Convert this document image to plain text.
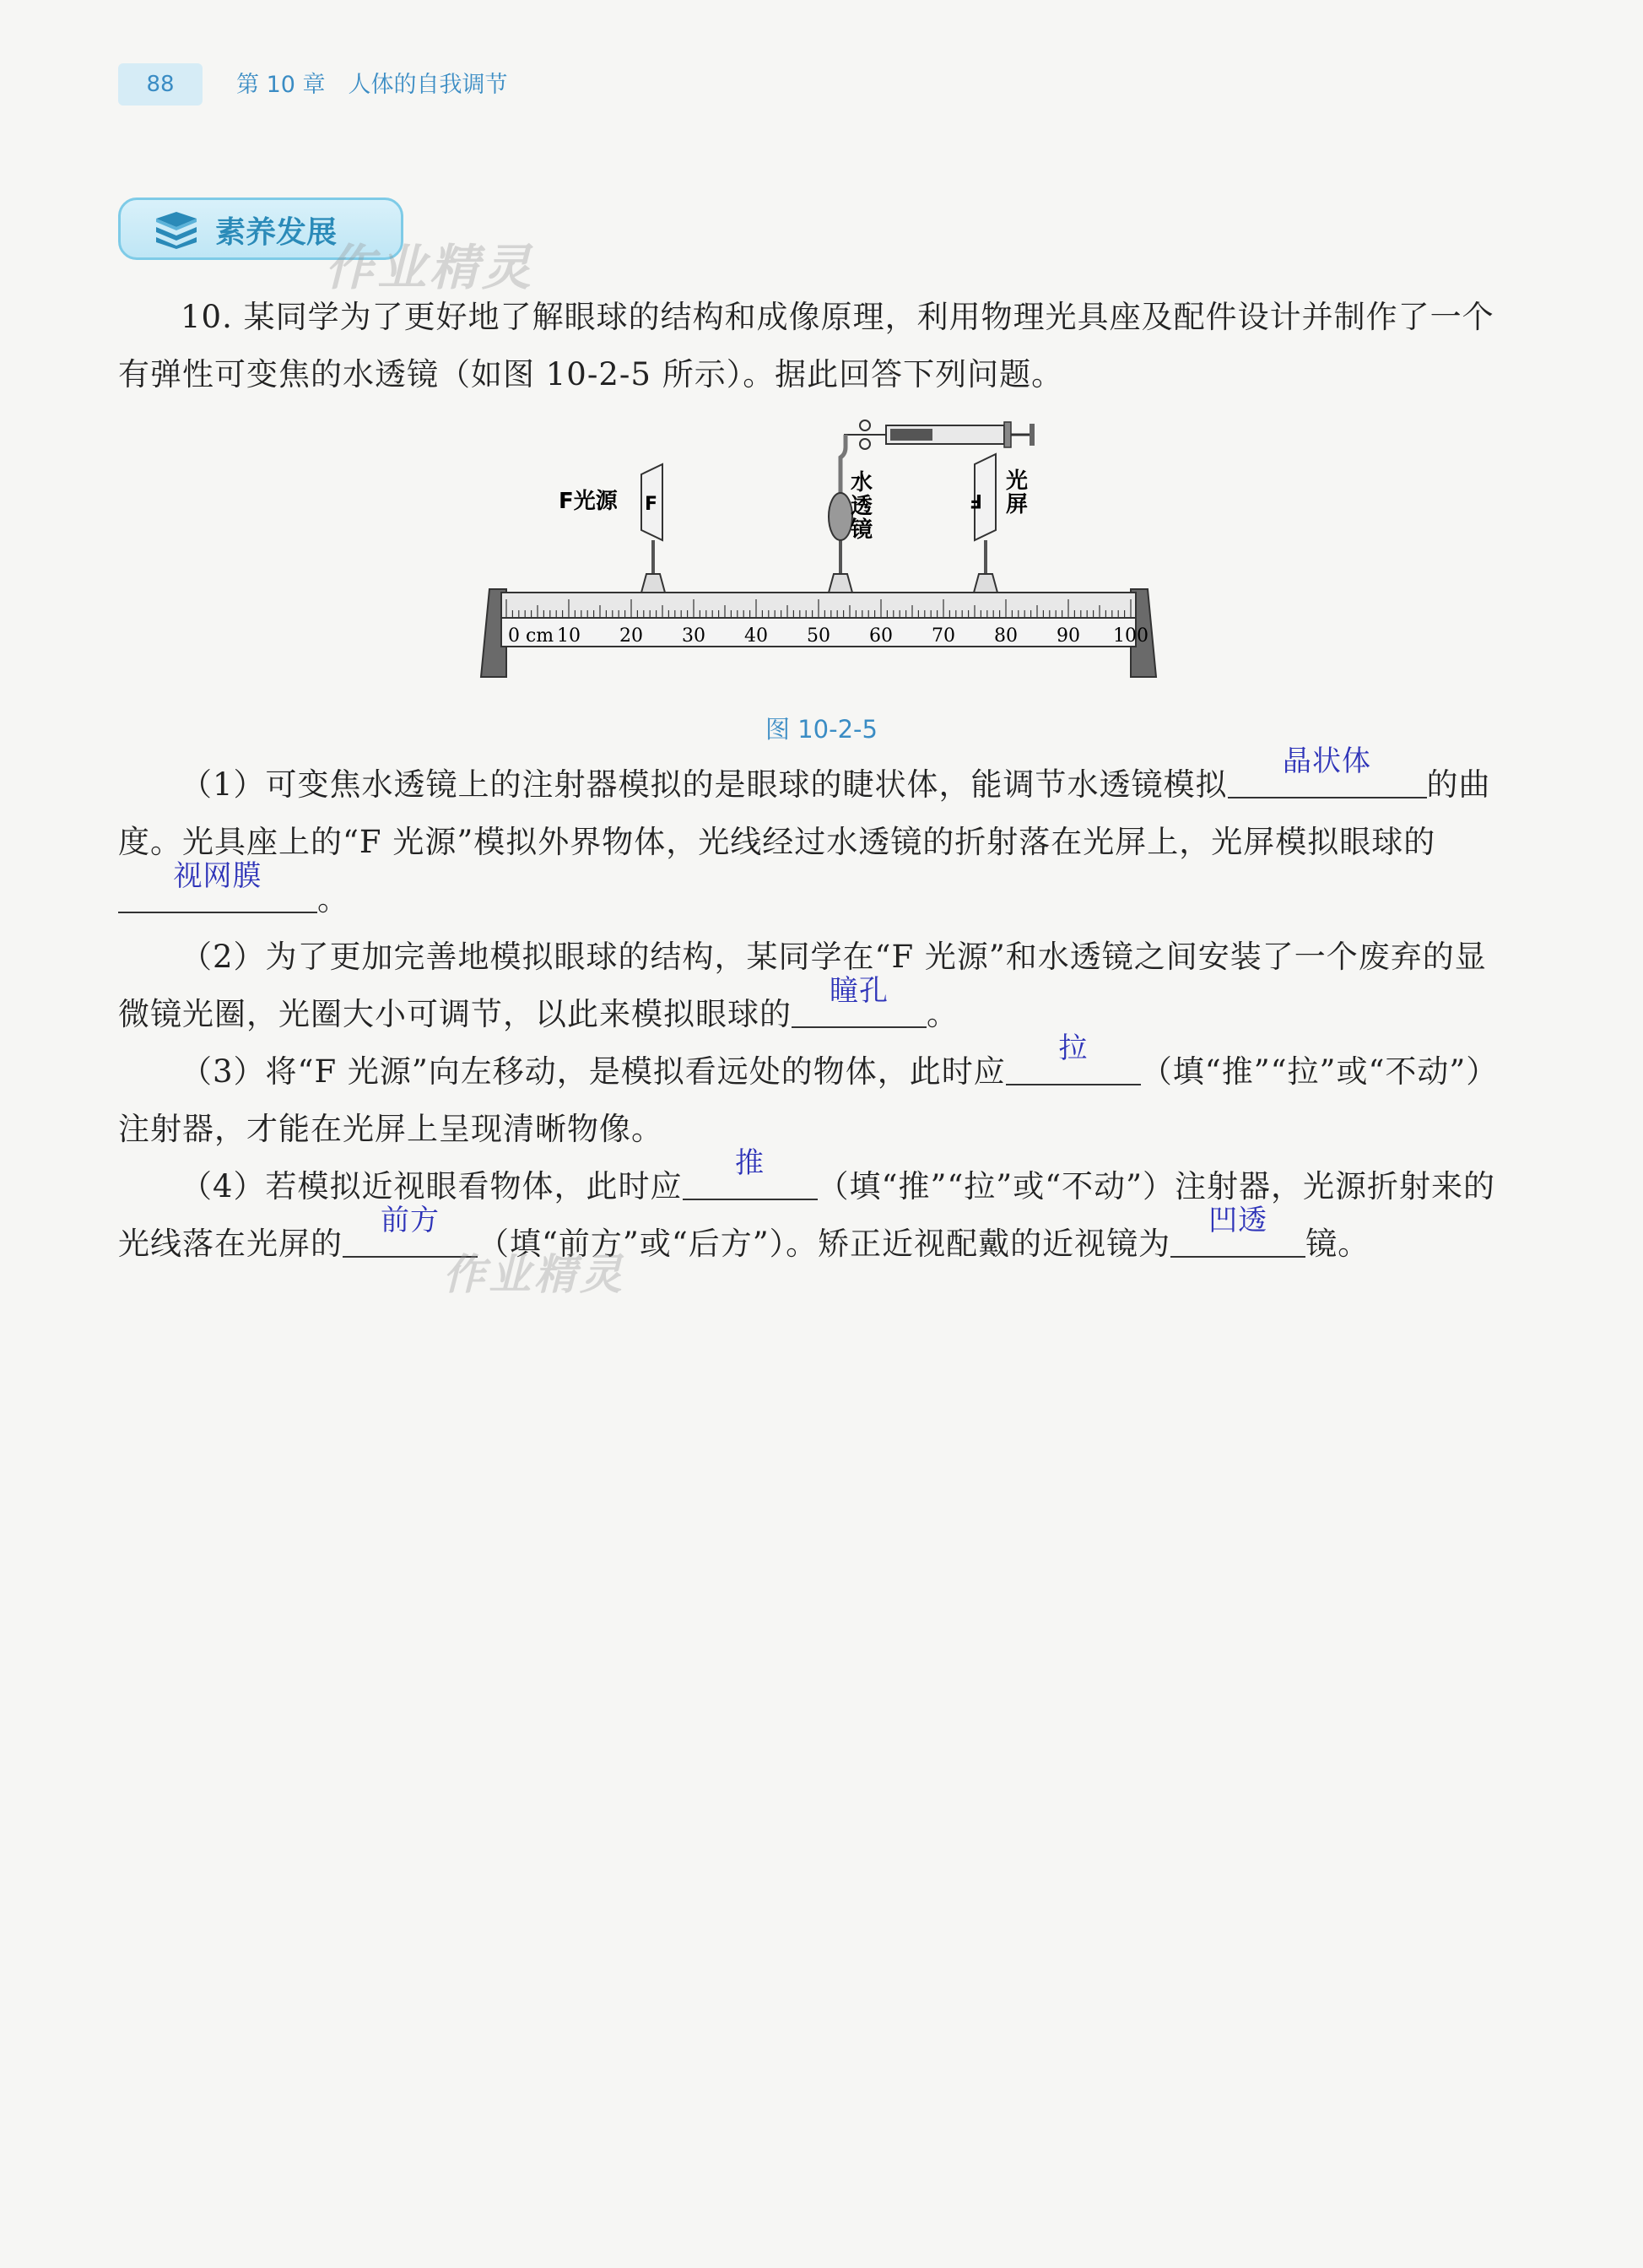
88	第 10 章　人体的自我调节
素养发展
作业精灵
10. 某同学为了更好地了解眼球的结构和成像原理，利用物理光具座及配件设计并制作了一个有弹性可变焦的水透镜（如图 10-2-5 所示）。据此回答下列问题。
水
透
镜
F
F光源	F
光
屏
0 cm 10 20 30 40 50 60 70 80 90 100
图 10-2-5
（1）可变焦水透镜上的注射器模拟的是眼球的睫状体，能调节水透镜模拟
晶状体
的曲度。光具座上的“F 光源”模拟外界物体，光线经过水透镜的折射落在光屏上，光屏模拟眼球的
视网膜
。
（2）为了更加完善地模拟眼球的结构，某同学在“F 光源”和水透镜之间安装了一个废弃的显微镜光圈，光圈大小可调节，以此来模拟眼球的
瞳孔
。
（3）将“F 光源”向左移动，是模拟看远处的物体，此时应
拉
（填“推”“拉”或“不动”）注射器，才能在光屏上呈现清晰物像。
（4）若模拟近视眼看物体，此时应
推
（填“推”“拉”或“不动”）注射器，光源折射来的光线落在光屏的
前方
（填“前方”或“后方”）。矫正近视配戴的近视镜为
凹透
镜。
作业精灵
